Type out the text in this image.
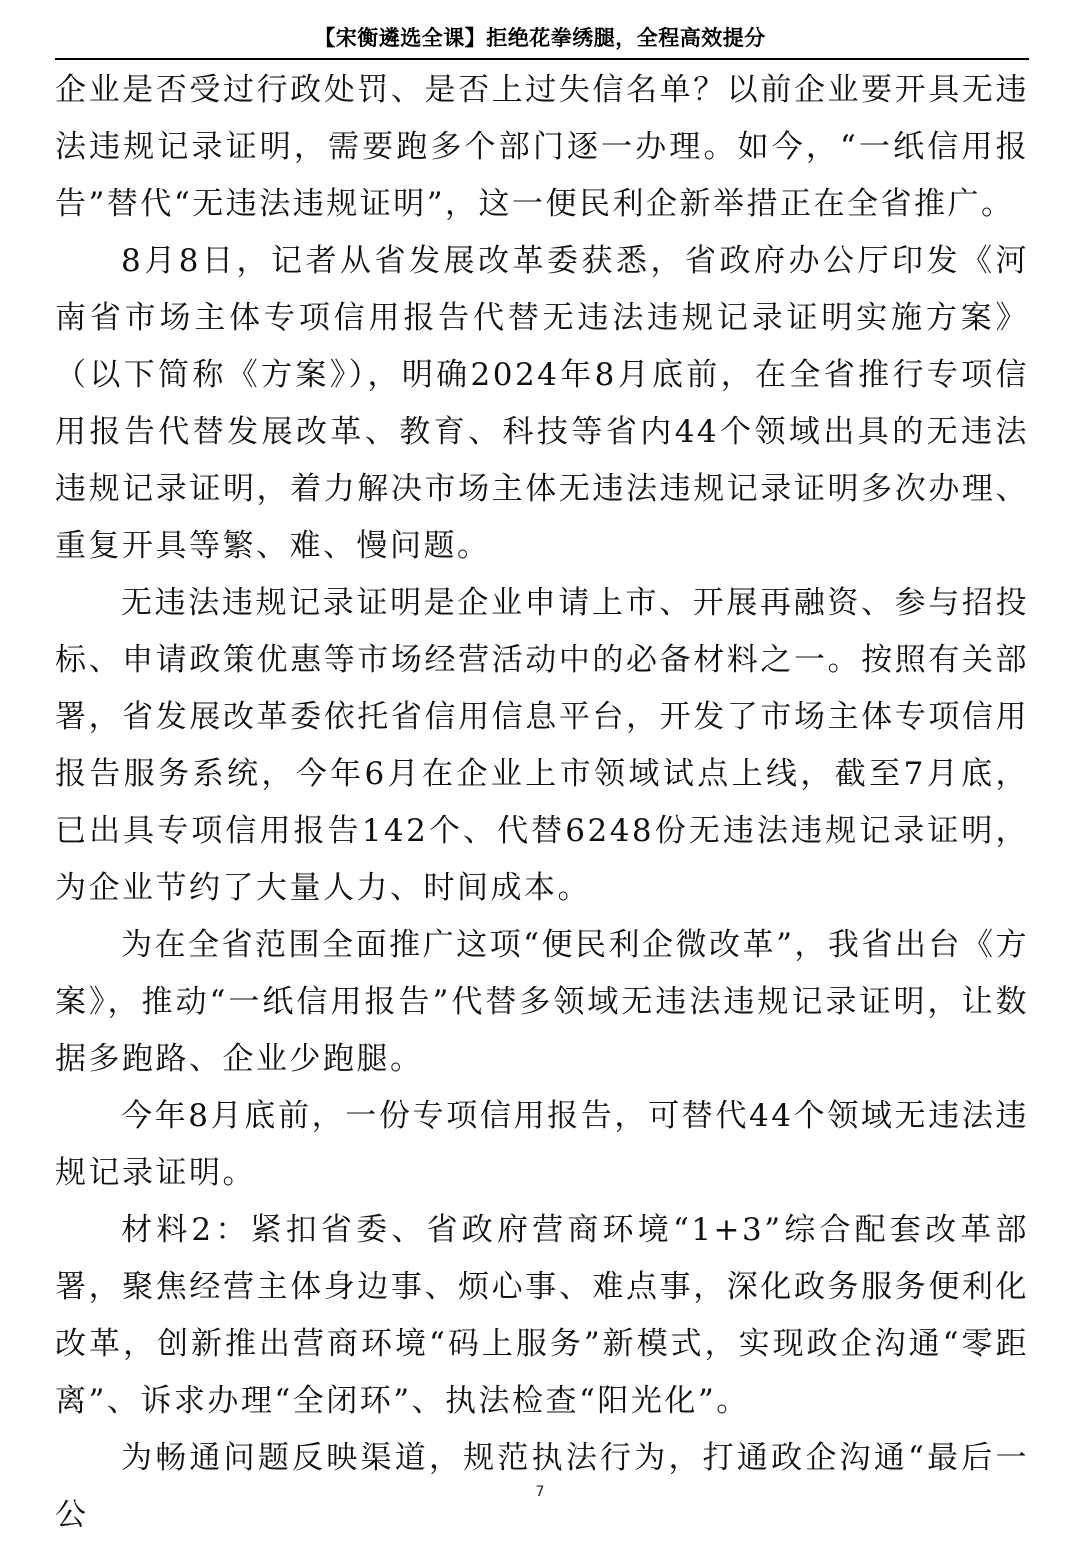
【宋衡遴选全课】拒绝花拳绣腿，全程高效提分

企业是否受过行政处罚、是否上过失信名单？以前企业要开具无违法违规记录证明，需要跑多个部门逐一办理。如今，“一纸信用报告”替代“无违法违规证明”，这一便民利企新举措正在全省推广。

8月8日，记者从省发展改革委获悉，省政府办公厅印发《河南省市场主体专项信用报告代替无违法违规记录证明实施方案》（以下简称《方案》），明确2024年8月底前，在全省推行专项信用报告代替发展改革、教育、科技等省内44个领域出具的无违法违规记录证明，着力解决市场主体无违法违规记录证明多次办理、重复开具等繁、难、慢问题。

无违法违规记录证明是企业申请上市、开展再融资、参与招投标、申请政策优惠等市场经营活动中的必备材料之一。按照有关部署，省发展改革委依托省信用信息平台，开发了市场主体专项信用报告服务系统，今年6月在企业上市领域试点上线，截至7月底，已出具专项信用报告142个、代替6248份无违法违规记录证明，为企业节约了大量人力、时间成本。

为在全省范围全面推广这项“便民利企微改革”，我省出台《方案》，推动“一纸信用报告”代替多领域无违法违规记录证明，让数据多跑路、企业少跑腿。

今年8月底前，一份专项信用报告，可替代44个领域无违法违规记录证明。

材料2：紧扣省委、省政府营商环境“1+3”综合配套改革部署，聚焦经营主体身边事、烦心事、难点事，深化政务服务便利化改革，创新推出营商环境“码上服务”新模式，实现政企沟通“零距离”、诉求办理“全闭环”、执法检查“阳光化”。

为畅通问题反映渠道，规范执法行为，打通政企沟通“最后一公

7
